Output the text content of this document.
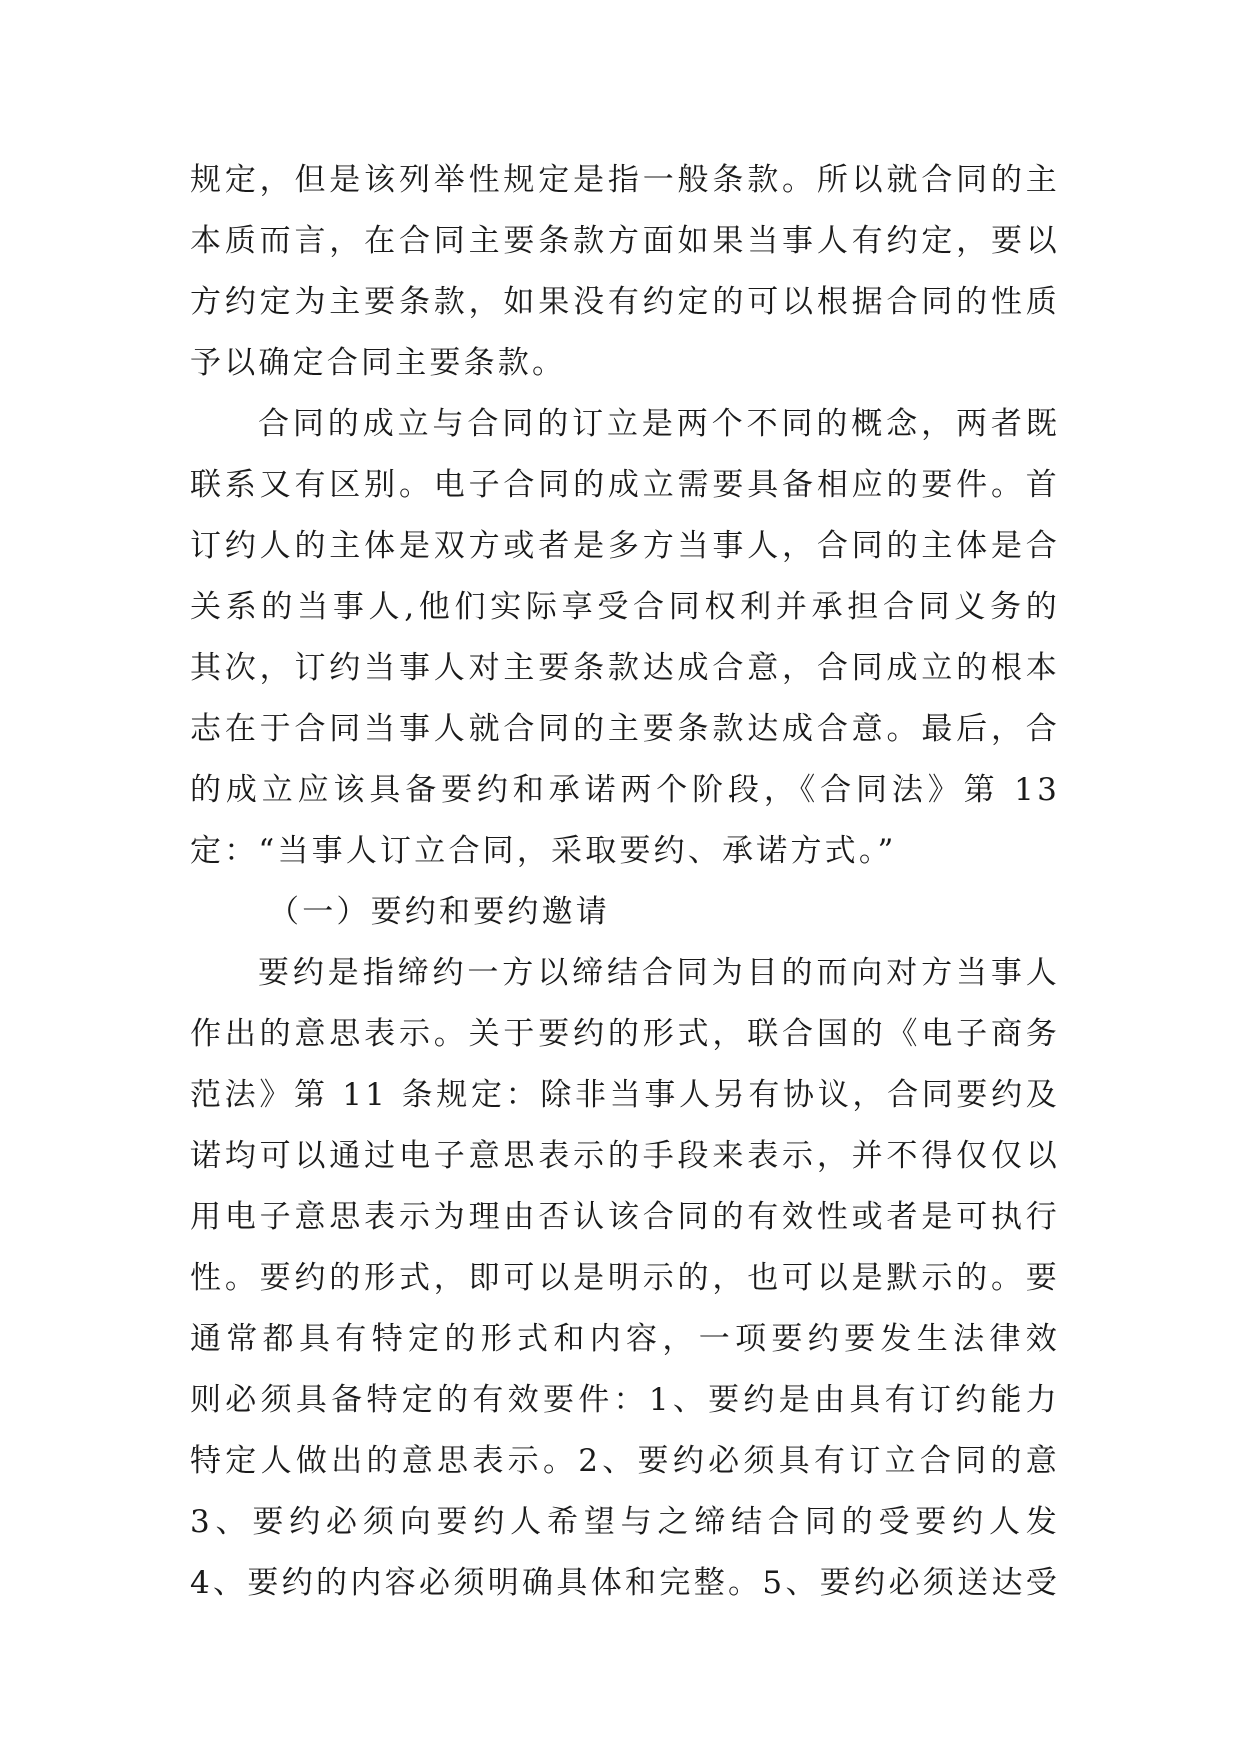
规定，但是该列举性规定是指一般条款。所以就合同的主
本质而言，在合同主要条款方面如果当事人有约定，要以
方约定为主要条款，如果没有约定的可以根据合同的性质
予以确定合同主要条款。
合同的成立与合同的订立是两个不同的概念，两者既
联系又有区别。电子合同的成立需要具备相应的要件。首
订约人的主体是双方或者是多方当事人，合同的主体是合
关系的当事人,他们实际享受合同权利并承担合同义务的
其次，订约当事人对主要条款达成合意，合同成立的根本
志在于合同当事人就合同的主要条款达成合意。最后，合
的成立应该具备要约和承诺两个阶段，《合同法》第 13
定：“当事人订立合同，采取要约、承诺方式。”
（一）要约和要约邀请
要约是指缔约一方以缔结合同为目的而向对方当事人
作出的意思表示。关于要约的形式，联合国的《电子商务
范法》第 11 条规定：除非当事人另有协议，合同要约及
诺均可以通过电子意思表示的手段来表示，并不得仅仅以
用电子意思表示为理由否认该合同的有效性或者是可执行
性。要约的形式，即可以是明示的，也可以是默示的。要
通常都具有特定的形式和内容，一项要约要发生法律效
则必须具备特定的有效要件：1、要约是由具有订约能力
特定人做出的意思表示。2、要约必须具有订立合同的意
3、要约必须向要约人希望与之缔结合同的受要约人发
4、要约的内容必须明确具体和完整。5、要约必须送达受
